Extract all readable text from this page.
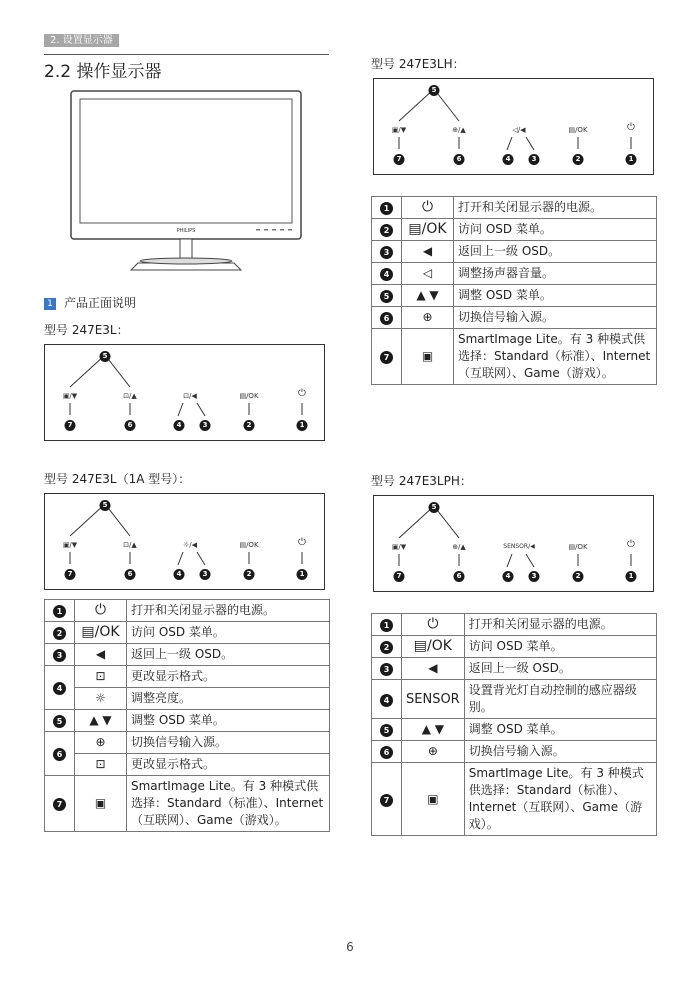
2. 设置显示器
2.2 操作显示器
PHILIPS
1 产品正面说明
型号 247E3L：
5
▣/▼	⊡/▲	⊡/◀	▤/OK	⏻
7	6	4	3	2	1
型号 247E3L（1A 型号）：
5
▣/▼	⊡/▲	☼/◀	▤/OK	⏻
7	6	4	3	2	1
1	⏻	打开和关闭显示器的电源。
2	▤/OK	访问 OSD 菜单。
3	◀	返回上一级 OSD。
4	⊡	更改显示格式。
	☼	调整亮度。
5	▲ ▼	调整 OSD 菜单。
6	⊕	切换信号输入源。
	⊡	更改显示格式。
7	▣	SmartImage Lite。有 3 种模式供选择：Standard（标准）、Internet（互联网）、Game（游戏）。
型号 247E3LH：
5
▣/▼	⊕/▲	◁/◀	▤/OK	⏻
7	6	4	3	2	1
1	⏻	打开和关闭显示器的电源。
2	▤/OK	访问 OSD 菜单。
3	◀	返回上一级 OSD。
4	◁	调整扬声器音量。
5	▲ ▼	调整 OSD 菜单。
6	⊕	切换信号输入源。
7	▣	SmartImage Lite。有 3 种模式供选择：Standard（标准）、Internet（互联网）、Game（游戏）。
型号 247E3LPH：
5
▣/▼	⊕/▲	SENSOR/◀	▤/OK	⏻
7	6	4	3	2	1
1	⏻	打开和关闭显示器的电源。
2	▤/OK	访问 OSD 菜单。
3	◀	返回上一级 OSD。
4	SENSOR	设置背光灯自动控制的感应器级别。
5	▲ ▼	调整 OSD 菜单。
6	⊕	切换信号输入源。
7	▣	SmartImage Lite。有 3 种模式供选择：Standard（标准）、Internet（互联网）、Game（游戏）。
6
